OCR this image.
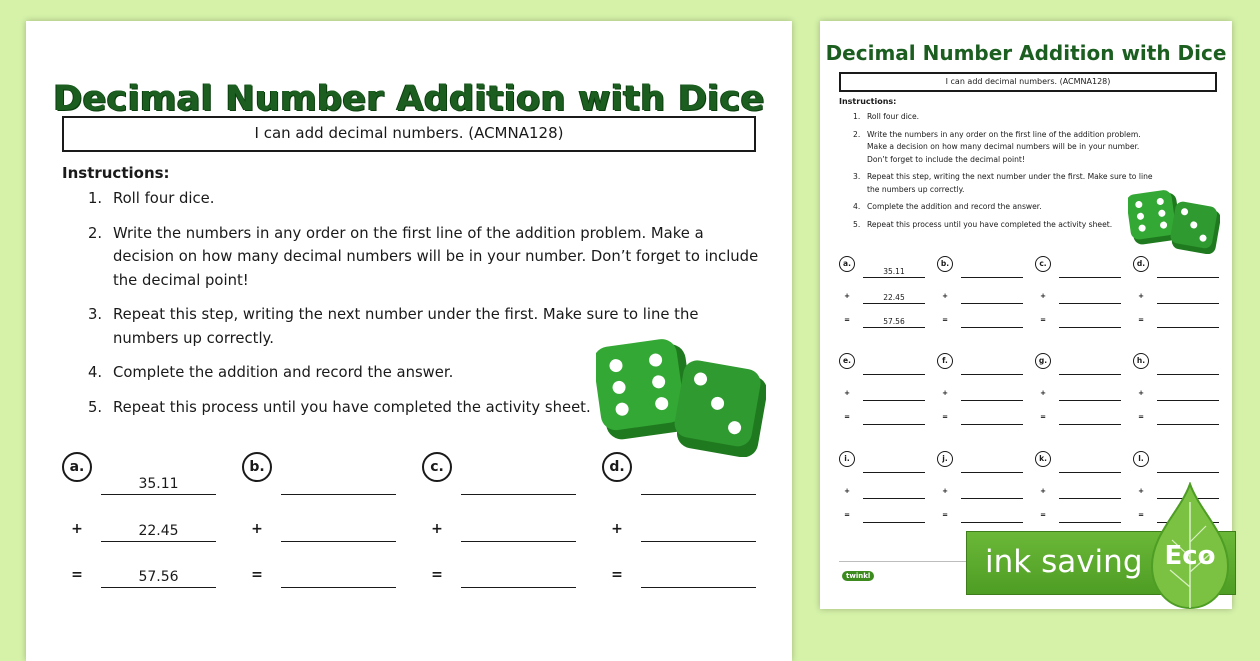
Decimal Number Addition with Dice
I can add decimal numbers. (ACMNA128)
Instructions:
1. Roll four dice.
2. Write the numbers in any order on the first line of the addition problem. Make a decision on how many decimal numbers will be in your number. Don’t forget to include the decimal point!
3. Repeat this step, writing the next number under the first. Make sure to line the numbers up correctly.
4. Complete the addition and record the answer.
5. Repeat this process until you have completed the activity sheet.
a.
35.11
+	22.45
=	57.56
b.
+
=
c.
+
=
d.
+
=
Decimal Number Addition with Dice
I can add decimal numbers. (ACMNA128)
Instructions:
1. Roll four dice.
2. Write the numbers in any order on the first line of the addition problem. Make a decision on how many decimal numbers will be in your number. Don’t forget to include the decimal point!
3. Repeat this step, writing the next number under the first. Make sure to line the numbers up correctly.
4. Complete the addition and record the answer.
5. Repeat this process until you have completed the activity sheet.
a.
35.11
+	22.45
=	57.56
b.
+
=
c.
+
=
d.
+
=
e.
+
=
f.
+
=
g.
+
=
h.
+
=
i.
+
=
j.
+
=
k.
+
=
l.
+
=
twinkl	ink saving Eco
